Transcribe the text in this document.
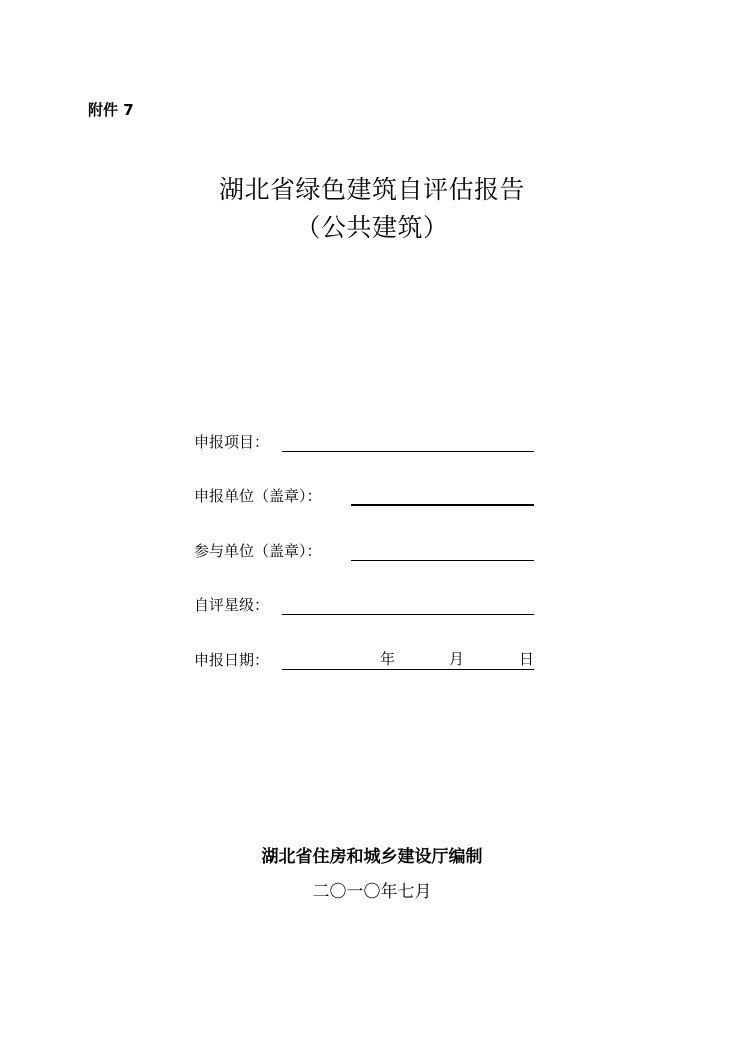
附件 7
湖北省绿色建筑自评估报告
（公共建筑）
申报项目：
申报单位（盖章）：
参与单位（盖章）：
自评星级：
申报日期：	年	月	日
湖北省住房和城乡建设厅编制
二〇一〇年七月
